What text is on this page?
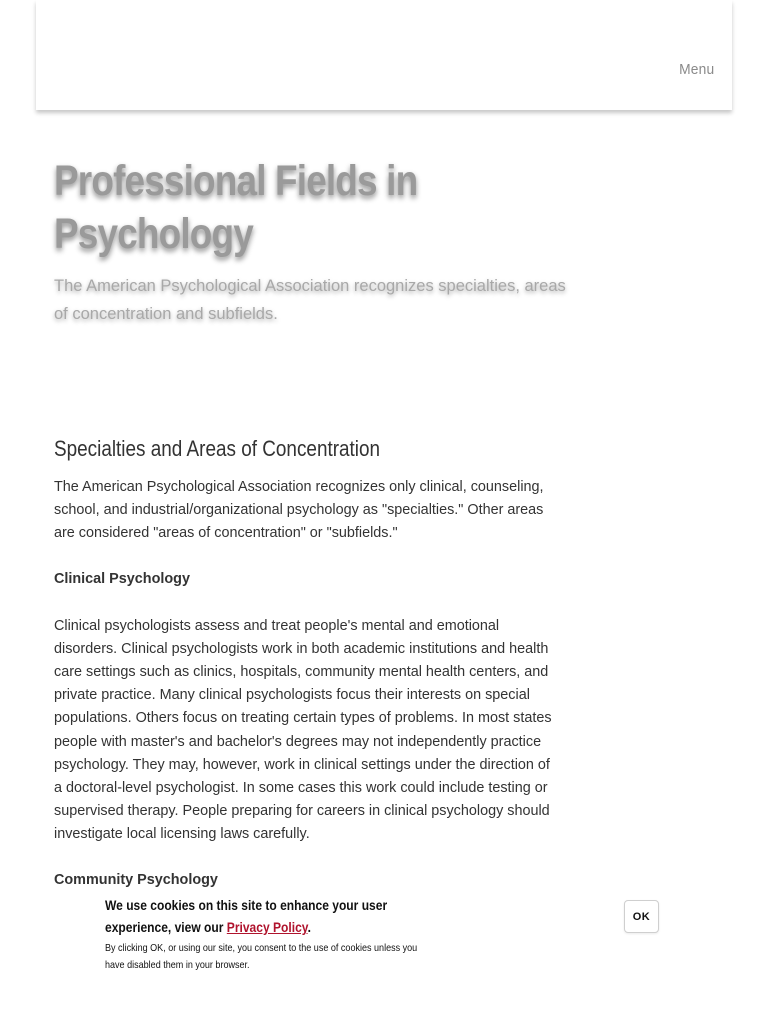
Menu
Professional Fields in Psychology

The American Psychological Association recognizes specialties, areas of concentration and subfields.

Specialties and Areas of Concentration

The American Psychological Association recognizes only clinical, counseling, school, and industrial/organizational psychology as "specialties." Other areas are considered "areas of concentration" or "subfields."

Clinical Psychology

Clinical psychologists assess and treat people's mental and emotional disorders. Clinical psychologists work in both academic institutions and health care settings such as clinics, hospitals, community mental health centers, and private practice. Many clinical psychologists focus their interests on special populations. Others focus on treating certain types of problems. In most states people with master's and bachelor's degrees may not independently practice psychology. They may, however, work in clinical settings under the direction of a doctoral-level psychologist. In some cases this work could include testing or supervised therapy. People preparing for careers in clinical psychology should investigate local licensing laws carefully.

Community Psychology

We use cookies on this site to enhance your user experience, view our Privacy Policy.

By clicking OK, or using our site, you consent to the use of cookies unless you have disabled them in your browser.

OK
